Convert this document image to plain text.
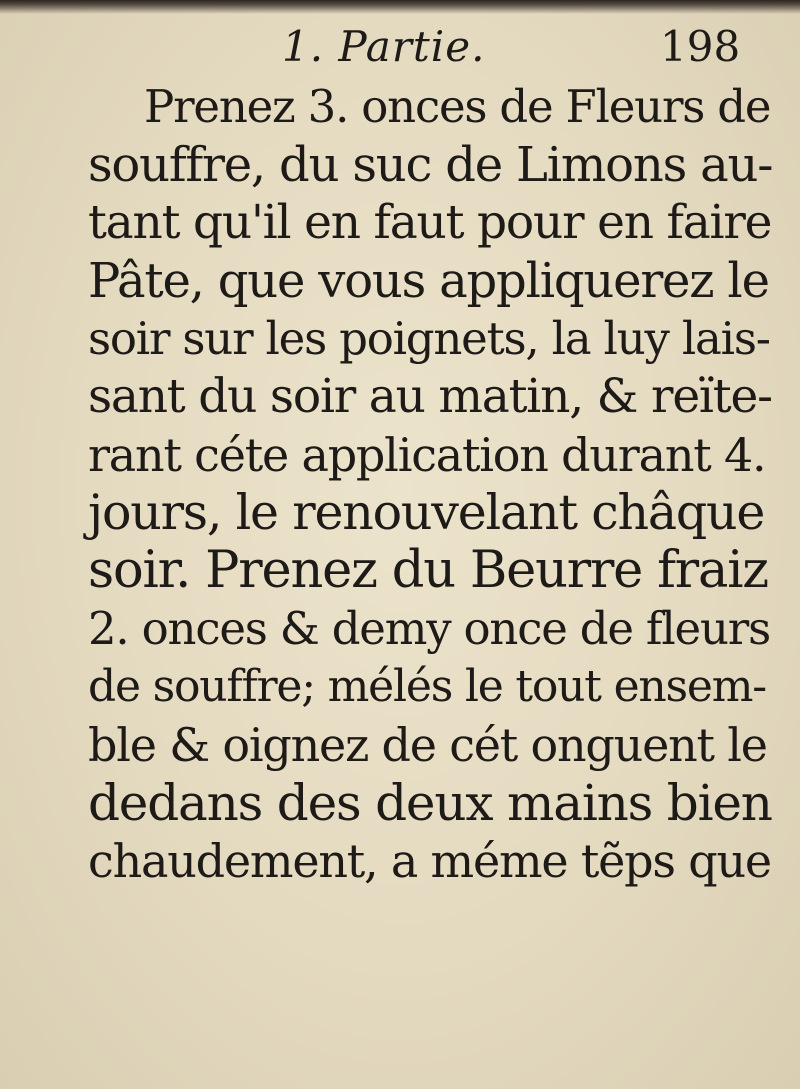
1. Partie.	198
Prenez 3. onces de Fleurs de
souffre, du suc de Limons au-
tant qu'il en faut pour en faire
Pâte, que vous appliquerez le
soir sur les poignets, la luy lais-
sant du soir au matin, & reïte-
rant céte application durant 4.
jours, le renouvelant châque
soir. Prenez du Beurre fraiz
2. onces & demy once de fleurs
de souffre; mélés le tout ensem-
ble & oignez de cét onguent le
dedans des deux mains bien
chaudement, a méme tẽps que
